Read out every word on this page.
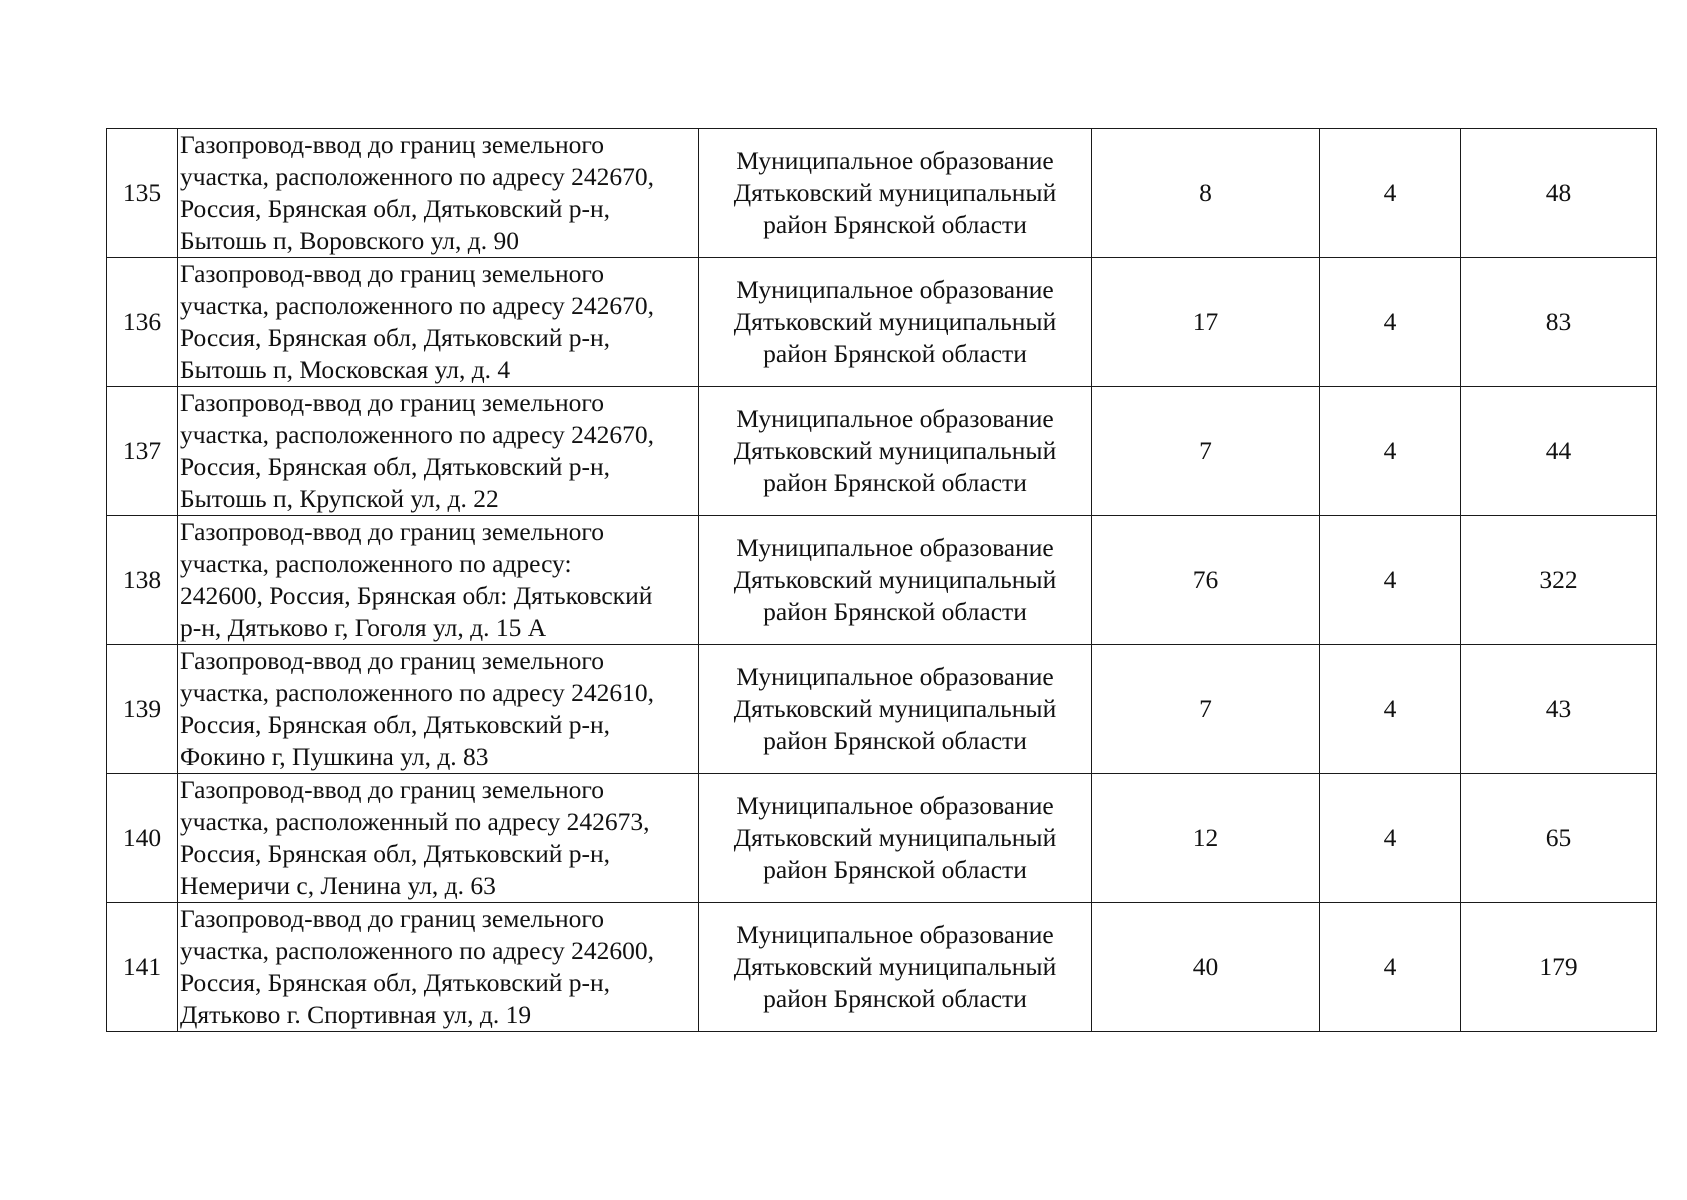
135	Газопровод-ввод до границ земельного
участка, расположенного по адресу 242670,
Россия, Брянская обл, Дятьковский р-н,
Бытошь п, Воровского ул, д. 90	Муниципальное образование
Дятьковский муниципальный
район Брянской области	8	4	48
136	Газопровод-ввод до границ земельного
участка, расположенного по адресу 242670,
Россия, Брянская обл, Дятьковский р-н,
Бытошь п, Московская ул, д. 4	Муниципальное образование
Дятьковский муниципальный
район Брянской области	17	4	83
137	Газопровод-ввод до границ земельного
участка, расположенного по адресу 242670,
Россия, Брянская обл, Дятьковский р-н,
Бытошь п, Крупской ул, д. 22	Муниципальное образование
Дятьковский муниципальный
район Брянской области	7	4	44
138	Газопровод-ввод до границ земельного
участка, расположенного по адресу:
242600, Россия, Брянская обл: Дятьковский
р-н, Дятьково г, Гоголя ул, д. 15 А	Муниципальное образование
Дятьковский муниципальный
район Брянской области	76	4	322
139	Газопровод-ввод до границ земельного
участка, расположенного по адресу 242610,
Россия, Брянская обл, Дятьковский р-н,
Фокино г, Пушкина ул, д. 83	Муниципальное образование
Дятьковский муниципальный
район Брянской области	7	4	43
140	Газопровод-ввод до границ земельного
участка, расположенный по адресу 242673,
Россия, Брянская обл, Дятьковский р-н,
Немеричи с, Ленина ул, д. 63	Муниципальное образование
Дятьковский муниципальный
район Брянской области	12	4	65
141	Газопровод-ввод до границ земельного
участка, расположенного по адресу 242600,
Россия, Брянская обл, Дятьковский р-н,
Дятьково г. Спортивная ул, д. 19	Муниципальное образование
Дятьковский муниципальный
район Брянской области	40	4	179
